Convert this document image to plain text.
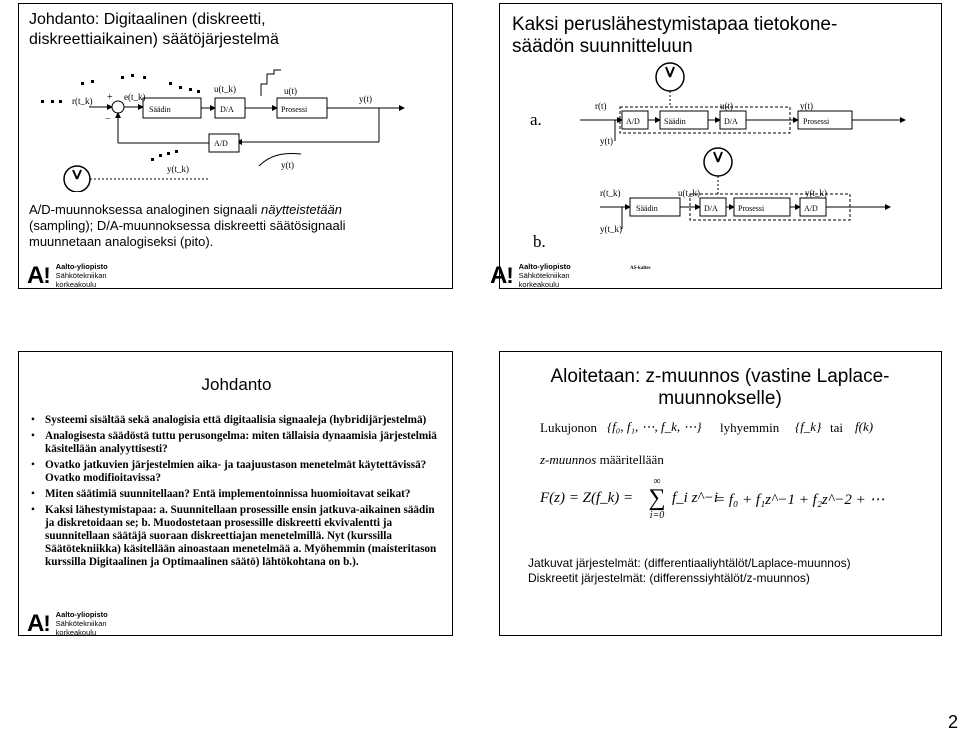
Johdanto: Digitaalinen (diskreetti, diskreettiaikainen) säätöjärjestelmä
r(t_k)	e(t_k)
u(t_k)	u(t)
y(t)
y(t_k)	y(t)
+
−
Säädin	D/A	Prosessi
A/D
A/D-muunnoksessa analoginen signaali näytteistetään (sampling); D/A-muunnoksessa diskreetti säätösignaali muunnetaan analogiseksi (pito).
A! Aalto-yliopisto
Sähkötekniikan
korkeakoulu
Kaksi peruslähestymistapaa tietokone-säädön suunnitteluun
a.
b.
r(t)
y(t)
u(t)	y(t)
A/D	Säädin	D/A	Prosessi
r(t_k)
y(t_k)
u(t_k)	y(t_k)
Säädin	D/A	Prosessi	A/D
AS-kaltes
A! Aalto-yliopisto
Sähkötekniikan
korkeakoulu
Johdanto
• Systeemi sisältää sekä analogisia että digitaalisia signaaleja (hybridijärjestelmä)
• Analogisesta säädöstä tuttu perusongelma: miten tällaisia dynaamisia järjestelmiä käsitellään analyyttisesti?
• Ovatko jatkuvien järjestelmien aika- ja taajuustason menetelmät käytettävissä? Ovatko modifioitavissa?
• Miten säätimiä suunnitellaan? Entä implementoinnissa huomioitavat seikat?
• Kaksi lähestymistapaa: a. Suunnitellaan prosessille ensin jatkuva-aikainen säädin ja diskretoidaan se; b. Muodostetaan prosessille diskreetti ekvivalentti ja suunnitellaan säätäjä suoraan diskreettiajan menetelmillä. Nyt (kurssilla Säätötekniikka) käsitellään ainoastaan menetelmää a. Myöhemmin (maisteritason kurssilla Digitaalinen ja Optimaalinen säätö) lähtökohtana on b.).
A! Aalto-yliopisto
Sähkötekniikan
korkeakoulu
Aloitetaan: z-muunnos (vastine Laplace-muunnokselle)
Lukujonon {f₀, f₁, ⋯, f_k, ⋯} lyhyemmin {f_k} tai f(k)
z-muunnos määritellään
F(z) = Z(f_k) =
∞
∑
i=0
f_i z^−i
= f₀ + f₁z^−1 + f₂z^−2 + ⋯
Jatkuvat järjestelmät: (differentiaaliyhtälöt/Laplace-muunnos)
Diskreetit järjestelmät: (differenssiyhtälöt/z-muunnos)
2
